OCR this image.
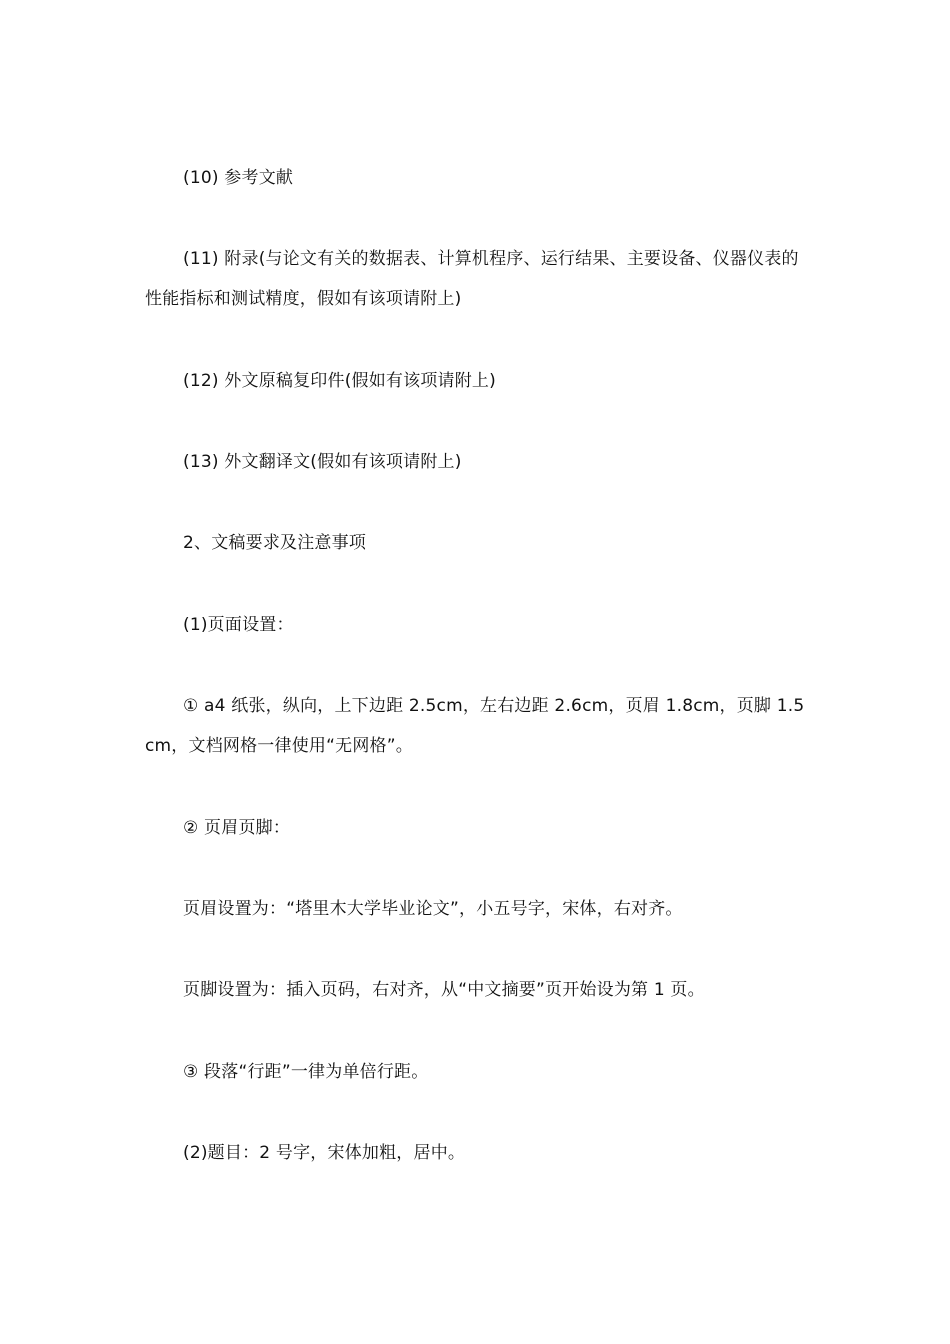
(10) 参考文献

(11) 附录(与论文有关的数据表、计算机程序、运行结果、主要设备、仪器仪表的性能指标和测试精度，假如有该项请附上)

(12) 外文原稿复印件(假如有该项请附上)

(13) 外文翻译文(假如有该项请附上)

2、文稿要求及注意事项

(1)页面设置：

① a4 纸张，纵向，上下边距 2.5cm，左右边距 2.6cm，页眉 1.8cm，页脚 1.5cm，文档网格一律使用“无网格”。

② 页眉页脚：

页眉设置为：“塔里木大学毕业论文”，小五号字，宋体，右对齐。

页脚设置为：插入页码，右对齐，从“中文摘要”页开始设为第 1 页。

③ 段落“行距”一律为单倍行距。

(2)题目：2 号字，宋体加粗，居中。
